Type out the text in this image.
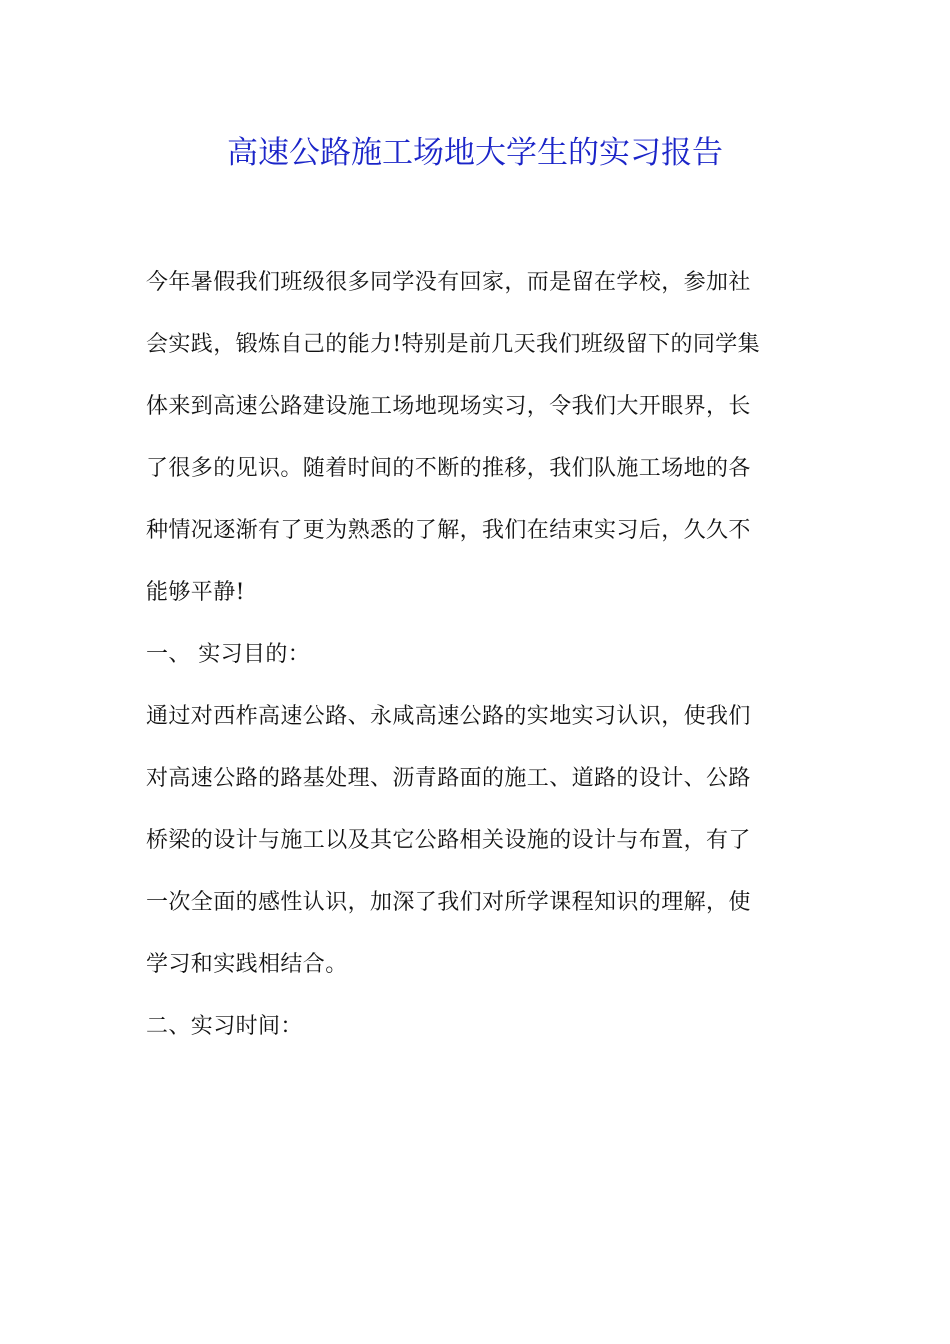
高速公路施工场地大学生的实习报告
今年暑假我们班级很多同学没有回家，而是留在学校，参加社
会实践，锻炼自己的能力!特别是前几天我们班级留下的同学集
体来到高速公路建设施工场地现场实习，令我们大开眼界，长
了很多的见识。随着时间的不断的推移，我们队施工场地的各
种情况逐渐有了更为熟悉的了解，我们在结束实习后，久久不
能够平静!
一、 实习目的：
通过对西柞高速公路、永咸高速公路的实地实习认识，使我们
对高速公路的路基处理、沥青路面的施工、道路的设计、公路
桥梁的设计与施工以及其它公路相关设施的设计与布置，有了
一次全面的感性认识，加深了我们对所学课程知识的理解，使
学习和实践相结合。
二、实习时间：
